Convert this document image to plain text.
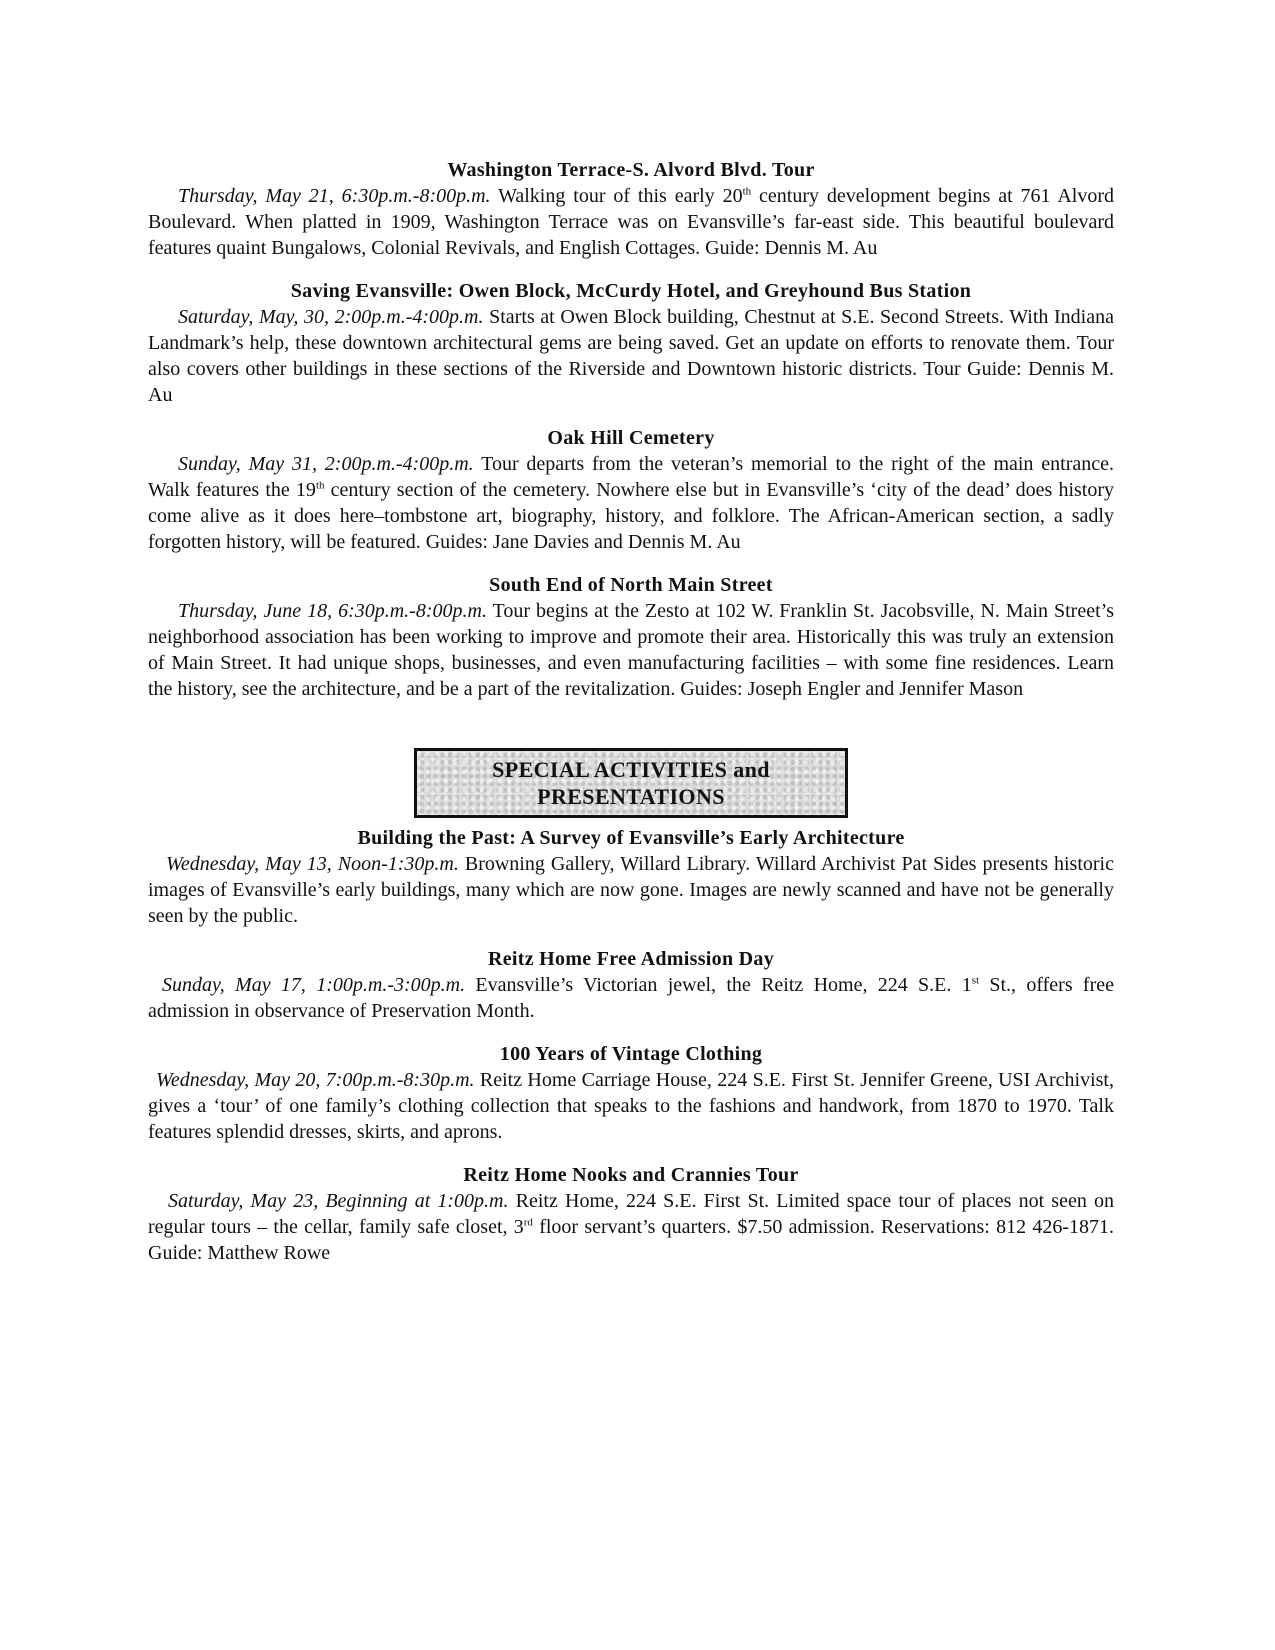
Washington Terrace-S. Alvord Blvd. Tour

Thursday, May 21, 6:30p.m.-8:00p.m. Walking tour of this early 20th century development begins at 761 Alvord Boulevard. When platted in 1909, Washington Terrace was on Evansville’s far-east side. This beautiful boulevard features quaint Bungalows, Colonial Revivals, and English Cottages. Guide: Dennis M. Au

Saving Evansville: Owen Block, McCurdy Hotel, and Greyhound Bus Station

Saturday, May, 30, 2:00p.m.-4:00p.m. Starts at Owen Block building, Chestnut at S.E. Second Streets. With Indiana Landmark’s help, these downtown architectural gems are being saved. Get an update on efforts to renovate them. Tour also covers other buildings in these sections of the Riverside and Downtown historic districts. Tour Guide: Dennis M. Au

Oak Hill Cemetery

Sunday, May 31, 2:00p.m.-4:00p.m. Tour departs from the veteran’s memorial to the right of the main entrance. Walk features the 19th century section of the cemetery. Nowhere else but in Evansville’s ‘city of the dead’ does history come alive as it does here–tombstone art, biography, history, and folklore. The African-American section, a sadly forgotten history, will be featured. Guides: Jane Davies and Dennis M. Au

South End of North Main Street

Thursday, June 18, 6:30p.m.-8:00p.m. Tour begins at the Zesto at 102 W. Franklin St. Jacobsville, N. Main Street’s neighborhood association has been working to improve and promote their area. Historically this was truly an extension of Main Street. It had unique shops, businesses, and even manufacturing facilities – with some fine residences. Learn the history, see the architecture, and be a part of the revitalization. Guides: Joseph Engler and Jennifer Mason

SPECIAL ACTIVITIES and
PRESENTATIONS

Building the Past: A Survey of Evansville’s Early Architecture

Wednesday, May 13, Noon-1:30p.m. Browning Gallery, Willard Library. Willard Archivist Pat Sides presents historic images of Evansville’s early buildings, many which are now gone. Images are newly scanned and have not be generally seen by the public.

Reitz Home Free Admission Day

Sunday, May 17, 1:00p.m.-3:00p.m. Evansville’s Victorian jewel, the Reitz Home, 224 S.E. 1st St., offers free admission in observance of Preservation Month.

100 Years of Vintage Clothing

Wednesday, May 20, 7:00p.m.-8:30p.m. Reitz Home Carriage House, 224 S.E. First St. Jennifer Greene, USI Archivist, gives a ‘tour’ of one family’s clothing collection that speaks to the fashions and handwork, from 1870 to 1970. Talk features splendid dresses, skirts, and aprons.

Reitz Home Nooks and Crannies Tour

Saturday, May 23, Beginning at 1:00p.m. Reitz Home, 224 S.E. First St. Limited space tour of places not seen on regular tours – the cellar, family safe closet, 3rd floor servant’s quarters. $7.50 admission. Reservations: 812 426-1871. Guide: Matthew Rowe
